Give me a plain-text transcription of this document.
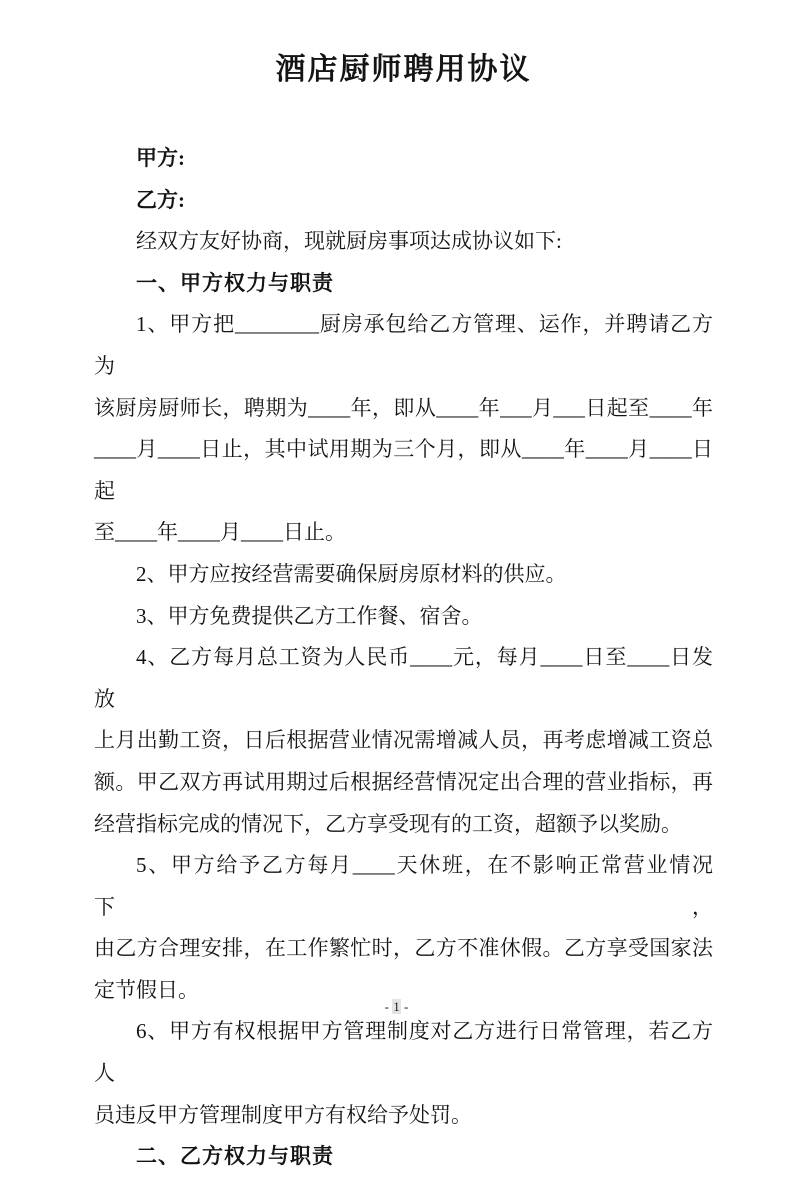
酒店厨师聘用协议
甲方:
乙方:
经双方友好协商，现就厨房事项达成协议如下:
一、甲方权力与职责
1、甲方把________厨房承包给乙方管理、运作，并聘请乙方为
该厨房厨师长，聘期为____年，即从____年___月___日起至____年
____月____日止，其中试用期为三个月，即从____年____月____日起
至____年____月____日止。
2、甲方应按经营需要确保厨房原材料的供应。
3、甲方免费提供乙方工作餐、宿舍。
4、乙方每月总工资为人民币____元，每月____日至____日发放
上月出勤工资，日后根据营业情况需增减人员，再考虑增减工资总
额。甲乙双方再试用期过后根据经营情况定出合理的营业指标，再
经营指标完成的情况下，乙方享受现有的工资，超额予以奖励。
5、甲方给予乙方每月____天休班，在不影响正常营业情况下，
由乙方合理安排，在工作繁忙时，乙方不准休假。乙方享受国家法
定节假日。
6、甲方有权根据甲方管理制度对乙方进行日常管理，若乙方人
员违反甲方管理制度甲方有权给予处罚。
二、乙方权力与职责
- 1 -
